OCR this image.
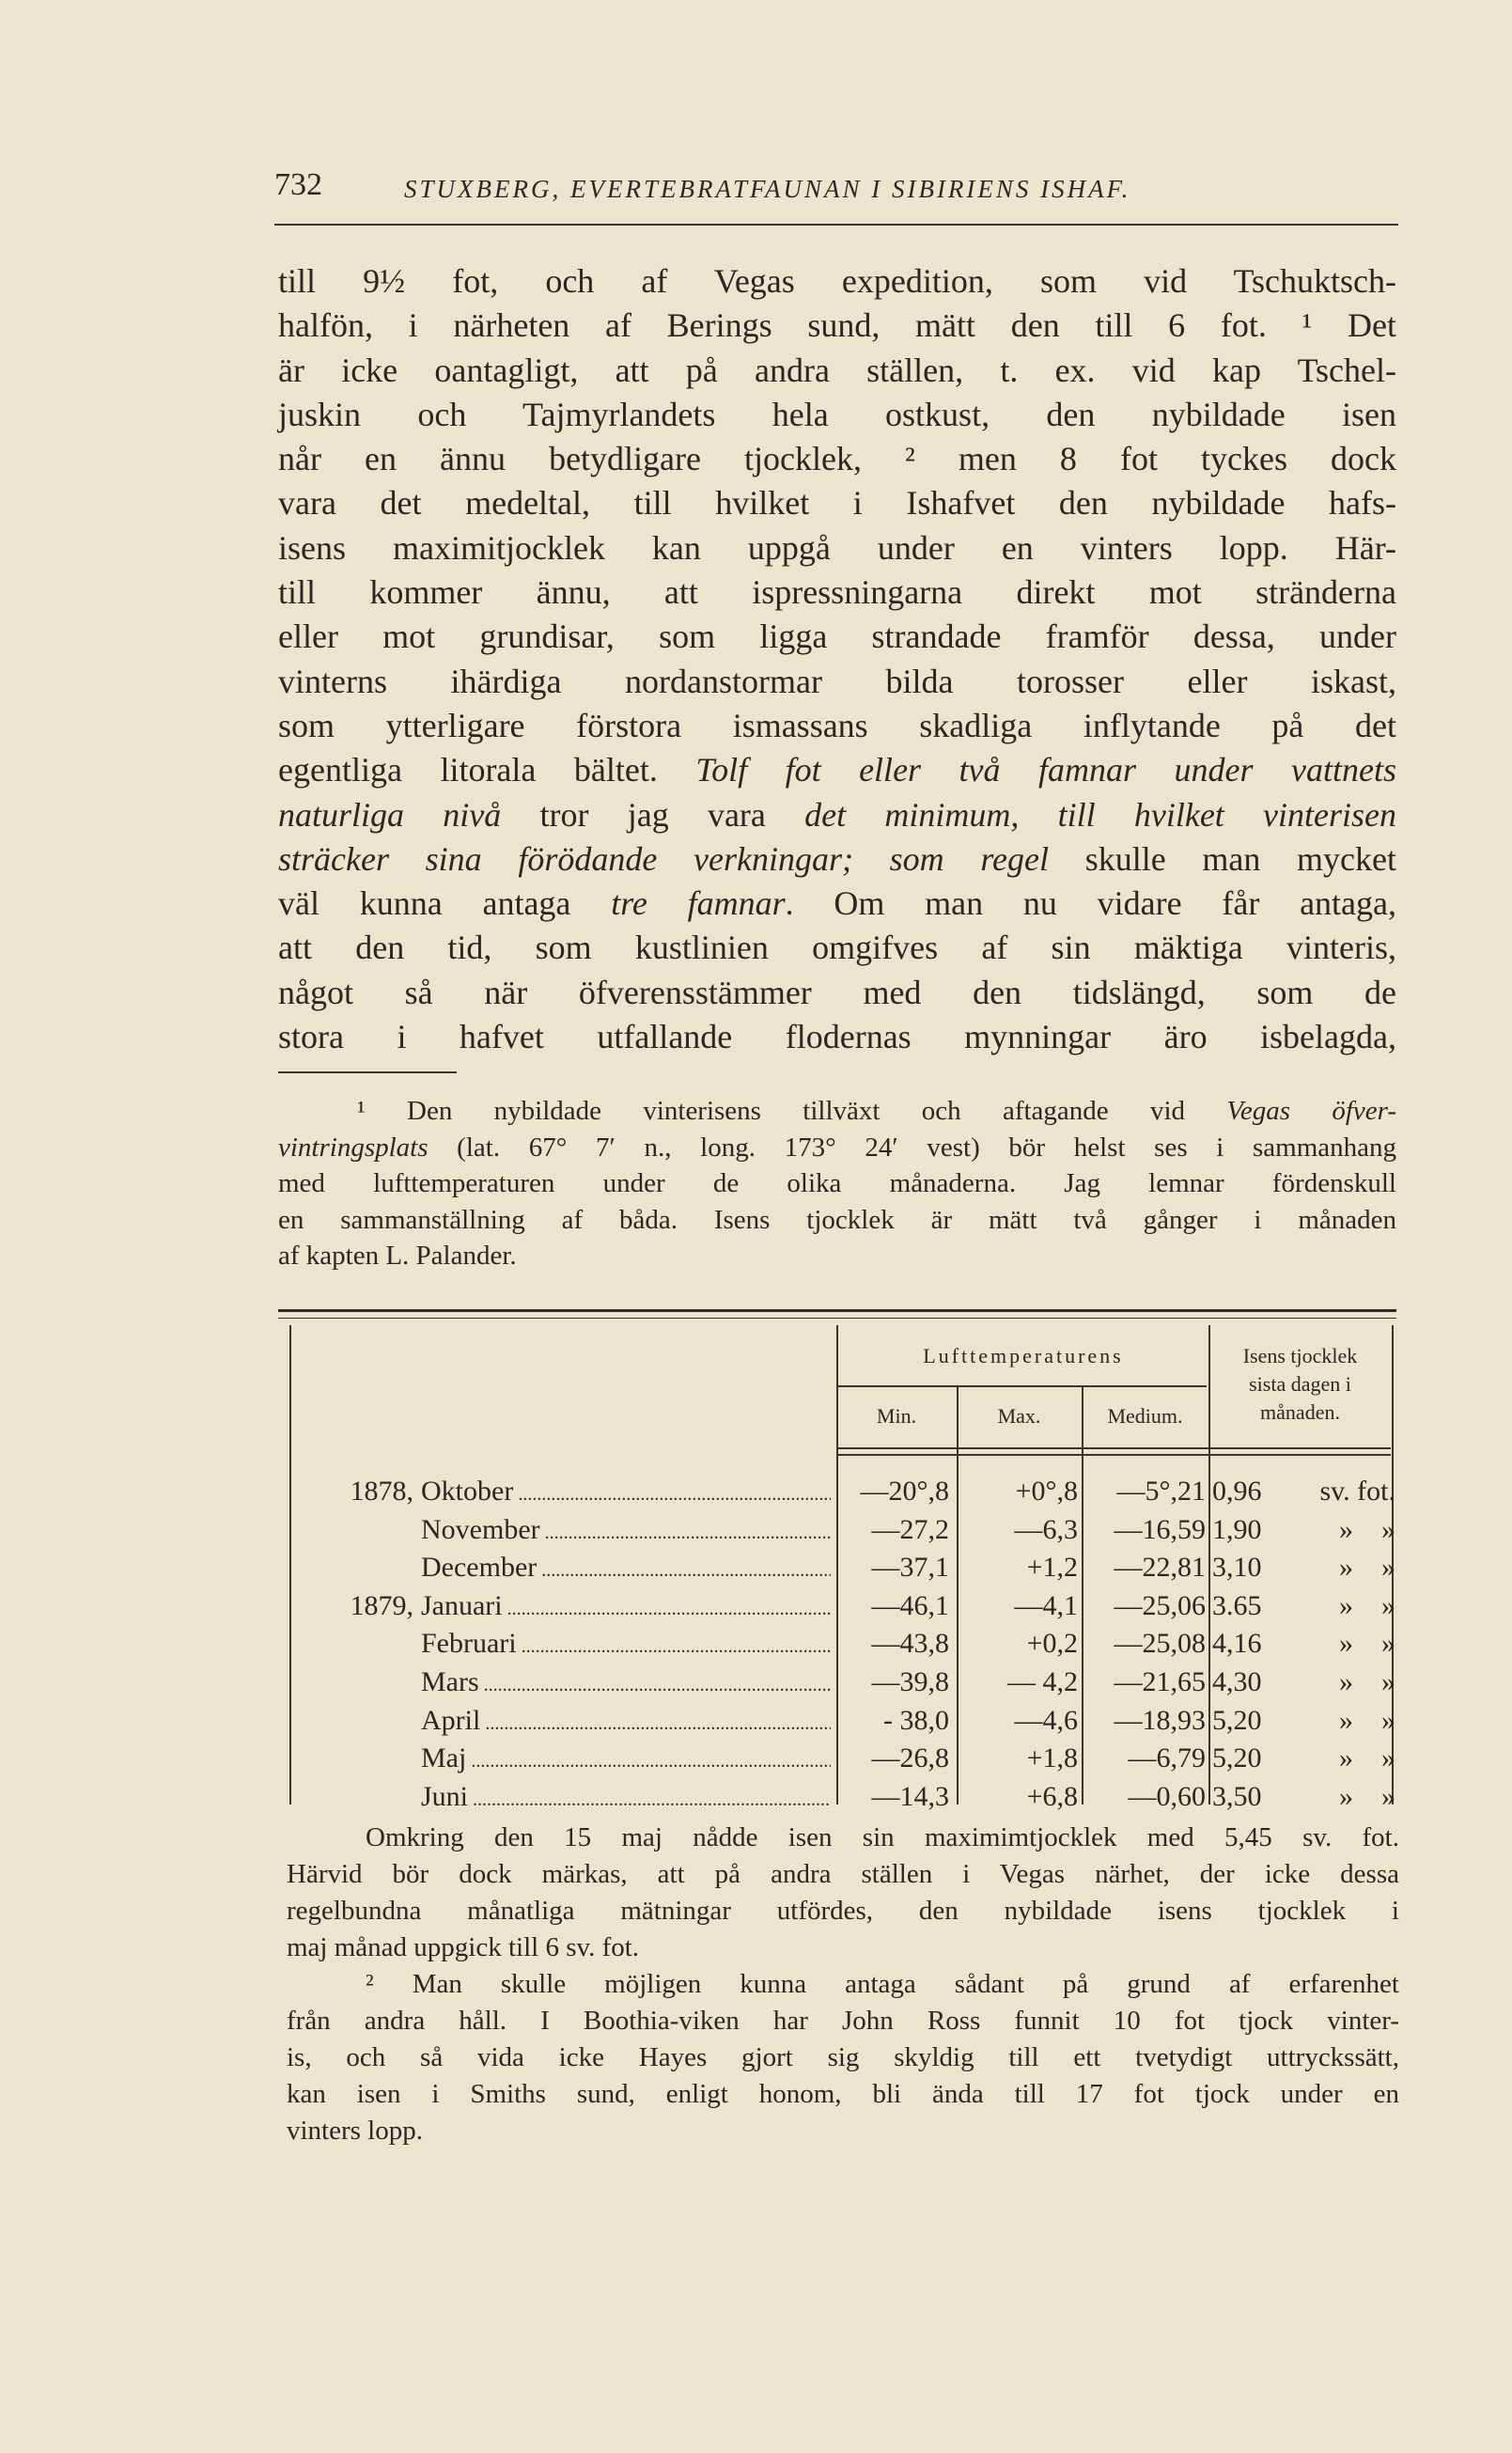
732	STUXBERG, EVERTEBRATFAUNAN I SIBIRIENS ISHAF.
till 9½ fot, och af Vegas expedition, som vid Tschuktsch-
halfön, i närheten af Berings sund, mätt den till 6 fot. ¹ Det
är icke oantagligt, att på andra ställen, t. ex. vid kap Tschel-
juskin och Tajmyrlandets hela ostkust, den nybildade isen
når en ännu betydligare tjocklek, ² men 8 fot tyckes dock
vara det medeltal, till hvilket i Ishafvet den nybildade hafs-
isens maximitjocklek kan uppgå under en vinters lopp. Här-
till kommer ännu, att ispressningarna direkt mot stränderna
eller mot grundisar, som ligga strandade framför dessa, under
vinterns ihärdiga nordanstormar bilda torosser eller iskast,
som ytterligare förstora ismassans skadliga inflytande på det
egentliga litorala bältet. Tolf fot eller två famnar under vattnets
naturliga nivå tror jag vara det minimum, till hvilket vinterisen
sträcker sina förödande verkningar; som regel skulle man mycket
väl kunna antaga tre famnar. Om man nu vidare får antaga,
att den tid, som kustlinien omgifves af sin mäktiga vinteris,
något så när öfverensstämmer med den tidslängd, som de
stora i hafvet utfallande flodernas mynningar äro isbelagda,
¹ Den nybildade vinterisens tillväxt och aftagande vid Vegas öfver-
vintringsplats (lat. 67° 7′ n., long. 173° 24′ vest) bör helst ses i sammanhang
med lufttemperaturen under de olika månaderna. Jag lemnar fördenskull
en sammanställning af båda. Isens tjocklek är mätt två gånger i månaden
af kapten L. Palander.
Lufttemperaturens
Min.	Max.	Medium.
Isens tjocklek
sista dagen i
månaden.
1878, Oktober .....	—20°,8	+0°,8	—5°,21 0,96	sv. fot.
November .....	—27,2	—6,3	—16,59 1,90	»    »
December .....	—37,1	+1,2	—22,81 3,10	»    »
1879, Januari .....	—46,1	—4,1	—25,06 3.65	»    »
Februari .....	—43,8	+0,2	—25,08 4,16	»    »
Mars .....	—39,8	— 4,2	—21,65 4,30	»    »
April .....	- 38,0	—4,6	—18,93 5,20	»    »
Maj .....	—26,8	+1,8	—6,79 5,20	»    »
Juni .....	—14,3	+6,8	—0,60 3,50	»    »
Omkring den 15 maj nådde isen sin maximimtjocklek med 5,45 sv. fot.
Härvid bör dock märkas, att på andra ställen i Vegas närhet, der icke dessa
regelbundna månatliga mätningar utfördes, den nybildade isens tjocklek i
maj månad uppgick till 6 sv. fot.
² Man skulle möjligen kunna antaga sådant på grund af erfarenhet
från andra håll. I Boothia-viken har John Ross funnit 10 fot tjock vinter-
is, och så vida icke Hayes gjort sig skyldig till ett tvetydigt uttryckssätt,
kan isen i Smiths sund, enligt honom, bli ända till 17 fot tjock under en
vinters lopp.
